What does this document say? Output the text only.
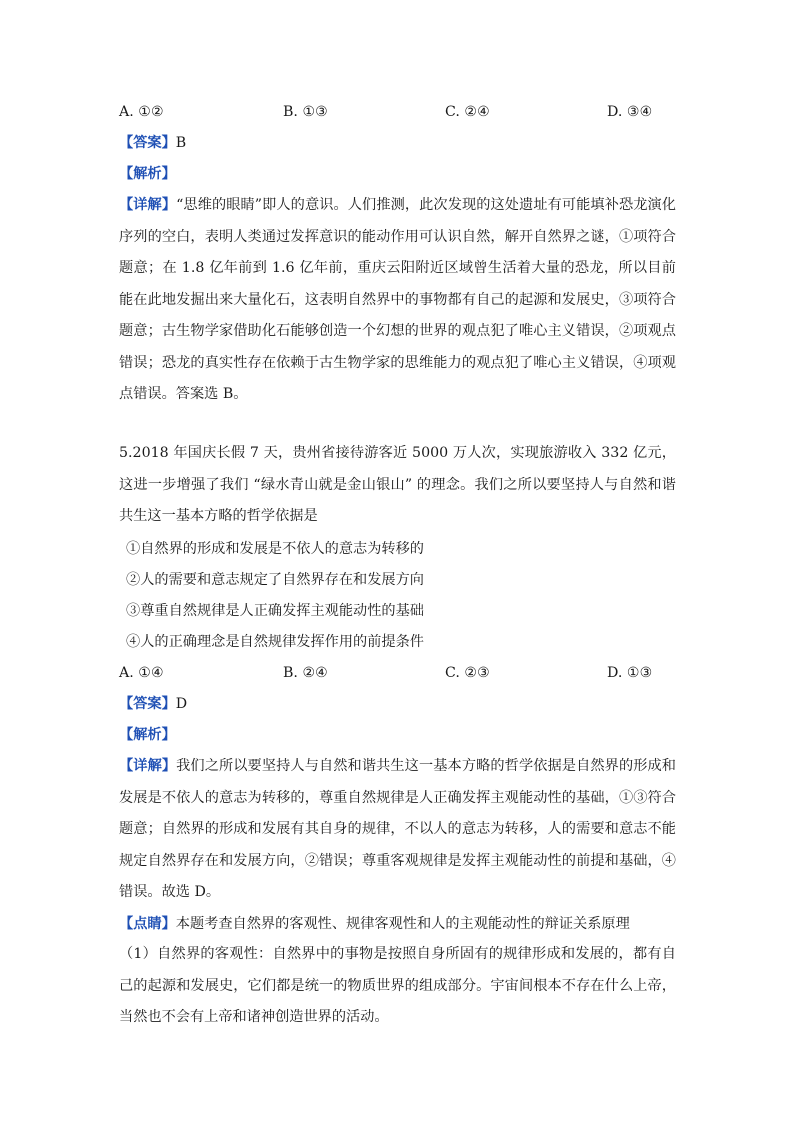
A. ①②	B. ①③	C. ②④	D. ③④
【答案】B
【解析】
【详解】“思维的眼睛”即人的意识。人们推测，此次发现的这处遗址有可能填补恐龙演化序列的空白，表明人类通过发挥意识的能动作用可认识自然，解开自然界之谜，①项符合题意；在 1.8 亿年前到 1.6 亿年前，重庆云阳附近区域曾生活着大量的恐龙，所以目前能在此地发掘出来大量化石，这表明自然界中的事物都有自己的起源和发展史，③项符合题意；古生物学家借助化石能够创造一个幻想的世界的观点犯了唯心主义错误，②项观点错误；恐龙的真实性存在依赖于古生物学家的思维能力的观点犯了唯心主义错误，④项观点错误。答案选 B。
5.2018 年国庆长假 7 天，贵州省接待游客近 5000 万人次，实现旅游收入 332 亿元， 这进一步增强了我们 “绿水青山就是金山银山” 的理念。我们之所以要坚持人与自然和谐共生这一基本方略的哲学依据是
①自然界的形成和发展是不依人的意志为转移的
②人的需要和意志规定了自然界存在和发展方向
③尊重自然规律是人正确发挥主观能动性的基础
④人的正确理念是自然规律发挥作用的前提条件
A. ①④	B. ②④	C. ②③	D. ①③
【答案】D
【解析】
【详解】我们之所以要坚持人与自然和谐共生这一基本方略的哲学依据是自然界的形成和发展是不依人的意志为转移的，尊重自然规律是人正确发挥主观能动性的基础，①③符合题意；自然界的形成和发展有其自身的规律，不以人的意志为转移，人的需要和意志不能规定自然界存在和发展方向，②错误；尊重客观规律是发挥主观能动性的前提和基础，④错误。故选 D。
【点睛】本题考查自然界的客观性、规律客观性和人的主观能动性的辩证关系原理
（1）自然界的客观性：自然界中的事物是按照自身所固有的规律形成和发展的，都有自己的起源和发展史，它们都是统一的物质世界的组成部分。宇宙间根本不存在什么上帝，当然也不会有上帝和诸神创造世界的活动。
